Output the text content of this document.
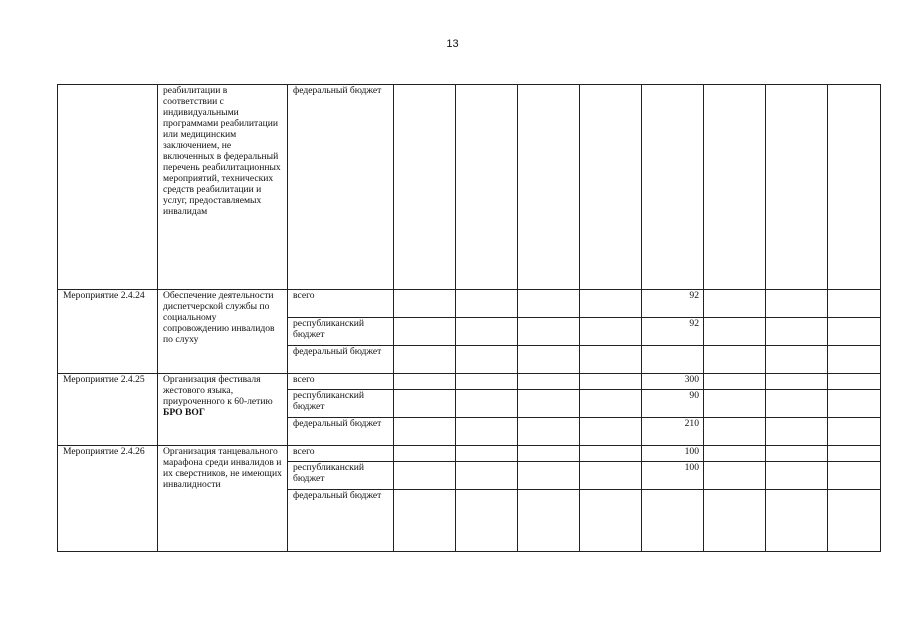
13
	реабилитации в соответствии с индивидуальными программами реабилитации или медицинским заключением, не включенных в федеральный перечень реабилитационных мероприятий, технических средств реабилитации и услуг, предоставляемых инвалидам	федеральный бюджет								
Мероприятие 2.4.24	Обеспечение деятельности диспетчерской службы по социальному сопровождению инвалидов по слуху	всего					92			
		республиканский бюджет					92			
		федеральный бюджет								
Мероприятие 2.4.25	Организация фестиваля жестового языка, приуроченного к 60-летию БРО ВОГ	всего					300			
		республиканский бюджет					90			
		федеральный бюджет					210			
Мероприятие 2.4.26	Организация танцевального марафона среди инвалидов и их сверстников, не имеющих инвалидности	всего					100			
		республиканский бюджет					100			
		федеральный бюджет								
